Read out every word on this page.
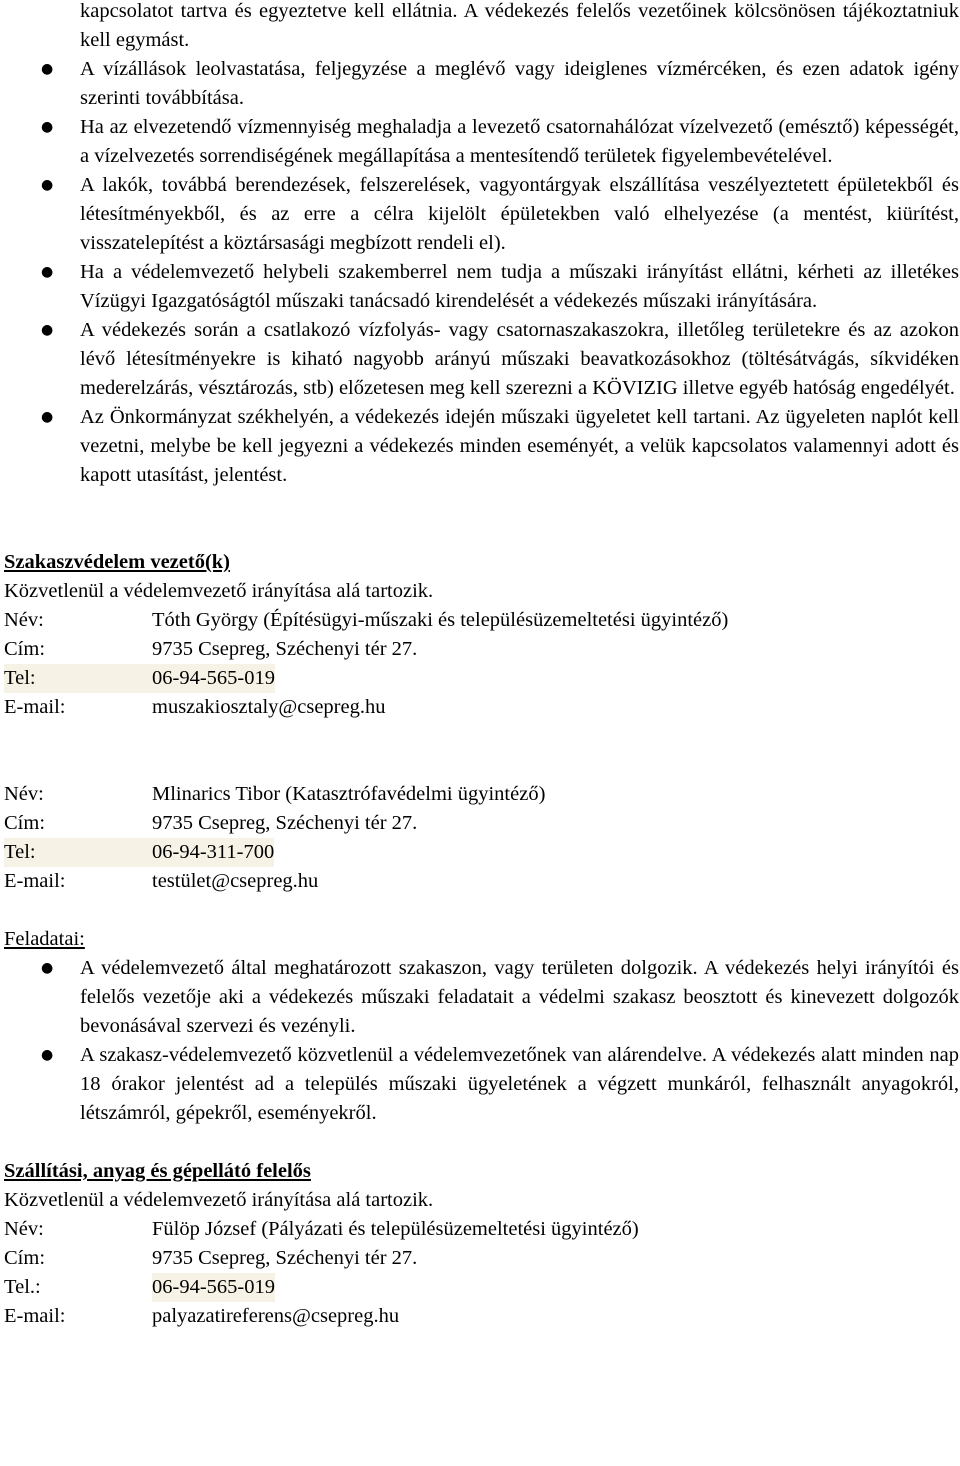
kapcsolatot tartva és egyeztetve kell ellátnia. A védekezés felelős vezetőinek kölcsönösen tájékoztatniuk kell egymást.
● A vízállások leolvastatása, feljegyzése a meglévő vagy ideiglenes vízmércéken, és ezen adatok igény szerinti továbbítása.
● Ha az elvezetendő vízmennyiség meghaladja a levezető csatornahálózat vízelvezető (emésztő) képességét, a vízelvezetés sorrendiségének megállapítása a mentesítendő területek figyelembevételével.
● A lakók, továbbá berendezések, felszerelések, vagyontárgyak elszállítása veszélyeztetett épületekből és létesítményekből, és az erre a célra kijelölt épületekben való elhelyezése (a mentést, kiürítést, visszatelepítést a köztársasági megbízott rendeli el).
● Ha a védelemvezető helybeli szakemberrel nem tudja a műszaki irányítást ellátni, kérheti az illetékes Vízügyi Igazgatóságtól műszaki tanácsadó kirendelését a védekezés műszaki irányítására.
● A védekezés során a csatlakozó vízfolyás- vagy csatornaszakaszokra, illetőleg területekre és az azokon lévő létesítményekre is kiható nagyobb arányú műszaki beavatkozásokhoz (töltésátvágás, síkvidéken mederelzárás, vésztározás, stb) előzetesen meg kell szerezni a KÖVIZIG illetve egyéb hatóság engedélyét.
● Az Önkormányzat székhelyén, a védekezés idején műszaki ügyeletet kell tartani. Az ügyeleten naplót kell vezetni, melybe be kell jegyezni a védekezés minden eseményét, a velük kapcsolatos valamennyi adott és kapott utasítást, jelentést.

Szakaszvédelem vezető(k)

Közvetlenül a védelemvezető irányítása alá tartozik.

Név:	Tóth György (Építésügyi-műszaki és településüzemeltetési ügyintéző)
Cím:	9735 Csepreg, Széchenyi tér 27.
Tel:	06-94-565-019
E-mail:	muszakiosztaly@csepreg.hu
Név:	Mlinarics Tibor (Katasztrófavédelmi ügyintéző)
Cím:	9735 Csepreg, Széchenyi tér 27.
Tel:	06-94-311-700
E-mail:	testület@csepreg.hu

Feladatai:

● A védelemvezető által meghatározott szakaszon, vagy területen dolgozik. A védekezés helyi irányítói és felelős vezetője aki a védekezés műszaki feladatait a védelmi szakasz beosztott és kinevezett dolgozók bevonásával szervezi és vezényli.
● A szakasz-védelemvezető közvetlenül a védelemvezetőnek van alárendelve. A védekezés alatt minden nap 18 órakor jelentést ad a település műszaki ügyeletének a végzett munkáról, felhasznált anyagokról, létszámról, gépekről, eseményekről.

Szállítási, anyag és gépellátó felelős

Közvetlenül a védelemvezető irányítása alá tartozik.

Név:	Fülöp József (Pályázati és településüzemeltetési ügyintéző)
Cím:	9735 Csepreg, Széchenyi tér 27.
Tel.:	06-94-565-019
E-mail:	palyazatireferens@csepreg.hu
